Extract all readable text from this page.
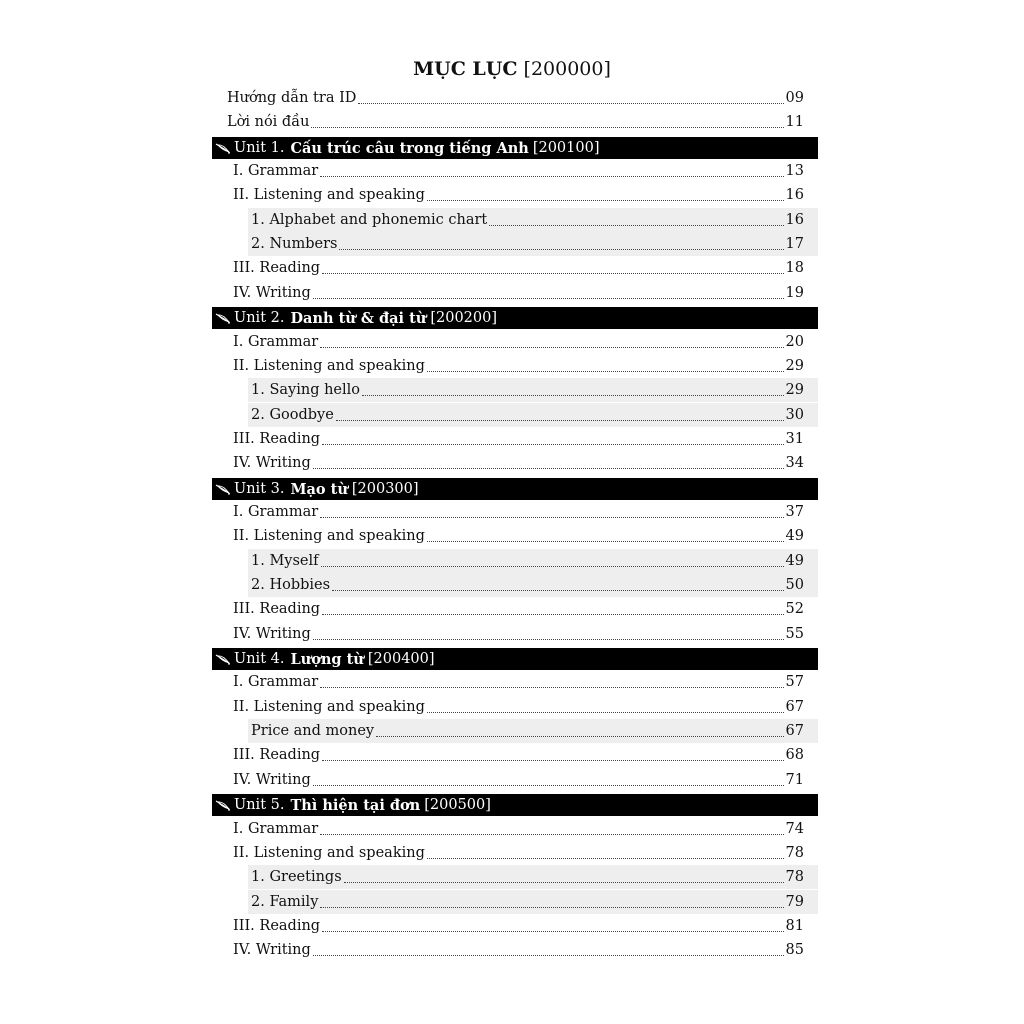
MỤC LỤC [200000]
Hướng dẫn tra ID	09
Lời nói đầu	11
Unit 1. Cấu trúc câu trong tiếng Anh [200100]
I. Grammar	13
II. Listening and speaking	16
1. Alphabet and phonemic chart	16
2. Numbers	17
III. Reading	18
IV. Writing	19
Unit 2. Danh từ & đại từ [200200]
I. Grammar	20
II. Listening and speaking	29
1. Saying hello	29
2. Goodbye	30
III. Reading	31
IV. Writing	34
Unit 3. Mạo từ [200300]
I. Grammar	37
II. Listening and speaking	49
1. Myself	49
2. Hobbies	50
III. Reading	52
IV. Writing	55
Unit 4. Lượng từ [200400]
I. Grammar	57
II. Listening and speaking	67
Price and money	67
III. Reading	68
IV. Writing	71
Unit 5. Thì hiện tại đơn [200500]
I. Grammar	74
II. Listening and speaking	78
1. Greetings	78
2. Family	79
III. Reading	81
IV. Writing	85
